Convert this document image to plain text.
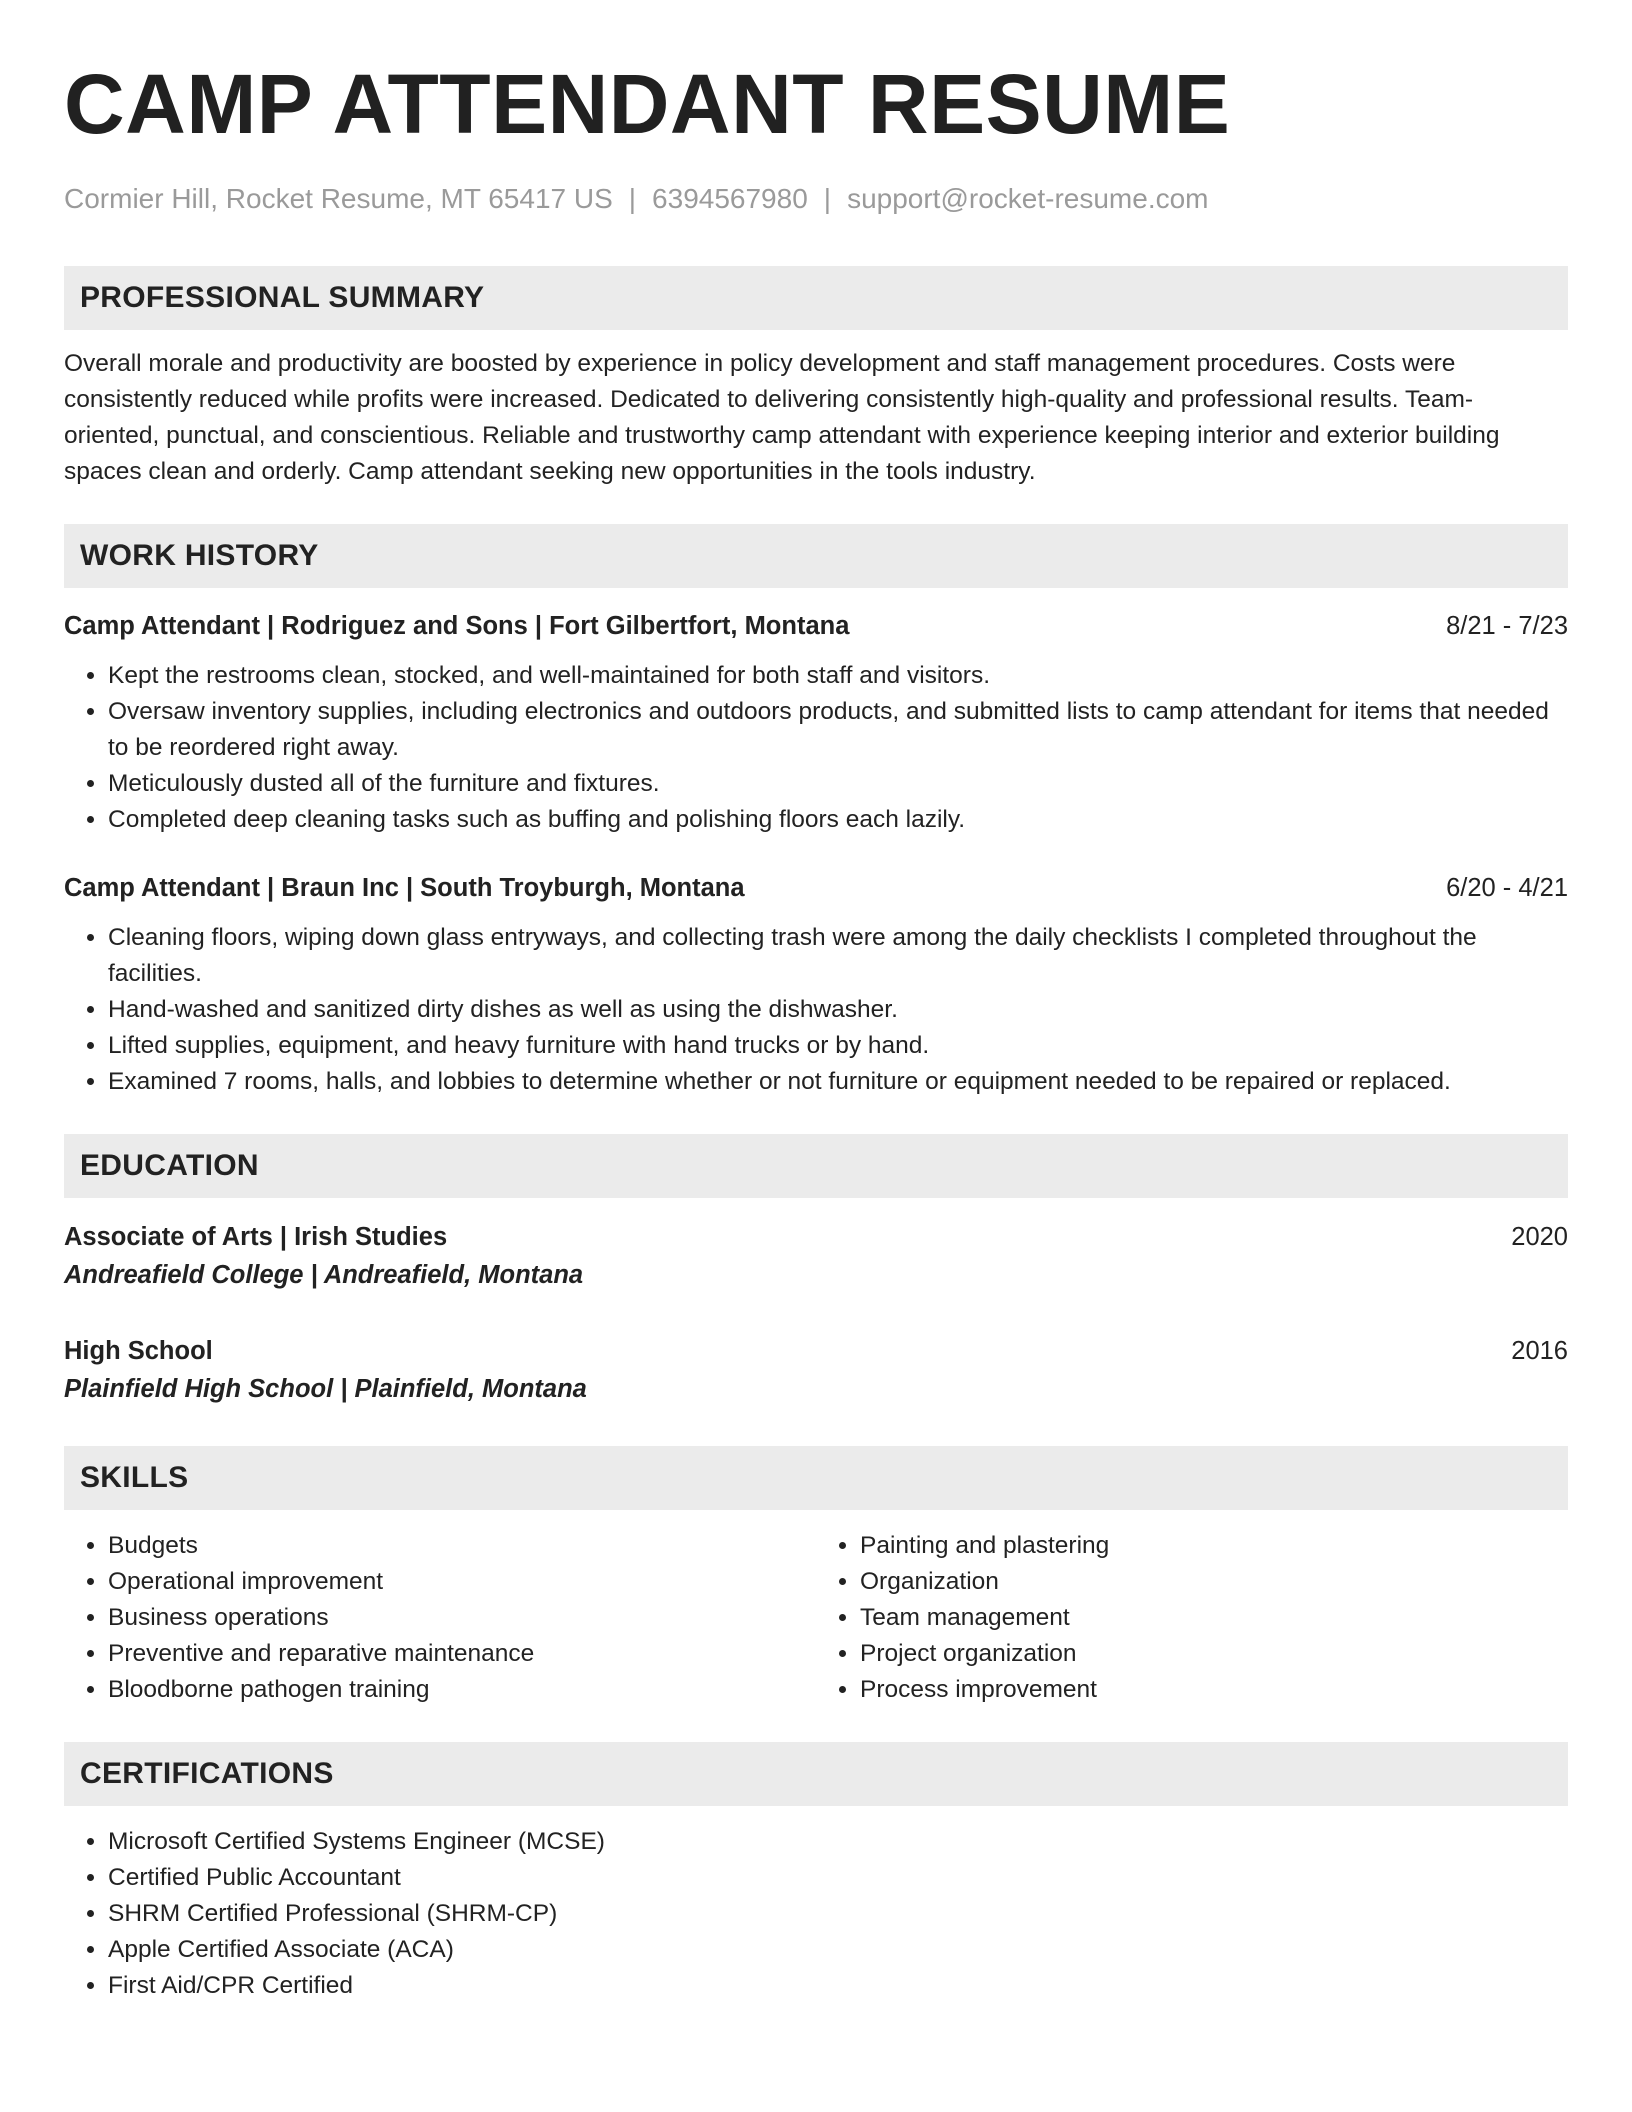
CAMP ATTENDANT RESUME
Cormier Hill, Rocket Resume, MT 65417 US | 6394567980 | support@rocket-resume.com
PROFESSIONAL SUMMARY
Overall morale and productivity are boosted by experience in policy development and staff management procedures. Costs were consistently reduced while profits were increased. Dedicated to delivering consistently high-quality and professional results. Team-oriented, punctual, and conscientious. Reliable and trustworthy camp attendant with experience keeping interior and exterior building spaces clean and orderly. Camp attendant seeking new opportunities in the tools industry.
WORK HISTORY
Camp Attendant | Rodriguez and Sons | Fort Gilbertfort, Montana	8/21 - 7/23
• Kept the restrooms clean, stocked, and well-maintained for both staff and visitors.
• Oversaw inventory supplies, including electronics and outdoors products, and submitted lists to camp attendant for items that needed to be reordered right away.
• Meticulously dusted all of the furniture and fixtures.
• Completed deep cleaning tasks such as buffing and polishing floors each lazily.
Camp Attendant | Braun Inc | South Troyburgh, Montana	6/20 - 4/21
• Cleaning floors, wiping down glass entryways, and collecting trash were among the daily checklists I completed throughout the facilities.
• Hand-washed and sanitized dirty dishes as well as using the dishwasher.
• Lifted supplies, equipment, and heavy furniture with hand trucks or by hand.
• Examined 7 rooms, halls, and lobbies to determine whether or not furniture or equipment needed to be repaired or replaced.
EDUCATION
Associate of Arts | Irish Studies	2020
Andreafield College | Andreafield, Montana
High School	2016
Plainfield High School | Plainfield, Montana
SKILLS
• Budgets
• Operational improvement
• Business operations
• Preventive and reparative maintenance
• Bloodborne pathogen training
• Painting and plastering
• Organization
• Team management
• Project organization
• Process improvement
CERTIFICATIONS
• Microsoft Certified Systems Engineer (MCSE)
• Certified Public Accountant
• SHRM Certified Professional (SHRM-CP)
• Apple Certified Associate (ACA)
• First Aid/CPR Certified
